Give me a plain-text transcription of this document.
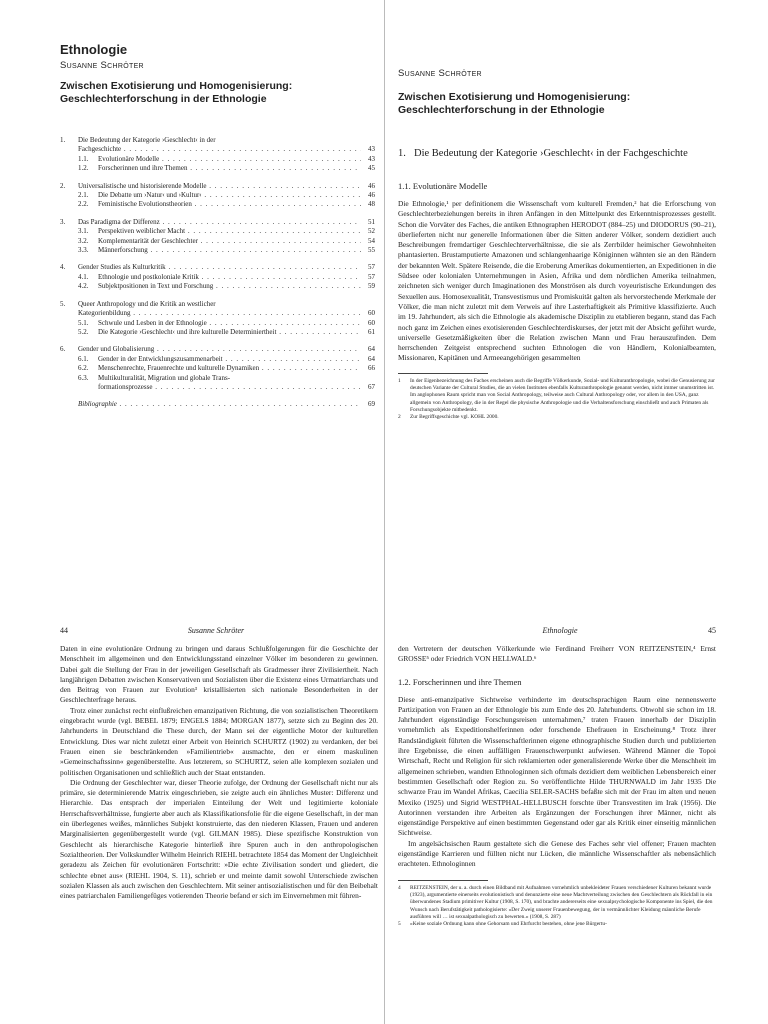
Ethnologie
Susanne Schröter
Zwischen Exotisierung und Homogenisierung: Geschlechterforschung in der Ethnologie
1.	Die Bedeutung der Kategorie ›Geschlecht‹ in der
Fachgeschichte . . .	43
1.1.	Evolutionäre Modelle . . .	43
1.2.	Forscherinnen und ihre Themen . . .	45
2.	Universalistische und historisierende Modelle . . .	46
2.1.	Die Debatte um ›Natur‹ und ›Kultur‹ . . .	46
2.2.	Feministische Evolutionstheorien . . .	48
3.	Das Paradigma der Differenz . . .	51
3.1.	Perspektiven weiblicher Macht . . .	52
3.2.	Komplementarität der Geschlechter . . .	54
3.3.	Männerforschung . . .	55
4.	Gender Studies als Kulturkritik . . .	57
4.1.	Ethnologie und postkoloniale Kritik . . .	57
4.2.	Subjektpositionen in Text und Forschung . . .	59
5.	Queer Anthropology und die Kritik an westlicher
Kategorienbildung . . .	60
5.1.	Schwule und Lesben in der Ethnologie . . .	60
5.2.	Die Kategorie ›Geschlecht‹ und ihre kulturelle Determiniertheit . . .	61
6.	Gender und Globalisierung . . .	64
6.1.	Gender in der Entwicklungszusammenarbeit . . .	64
6.2.	Menschenrechte, Frauenrechte und kulturelle Dynamiken . . .	66
6.3.	Multikulturalität, Migration und globale Trans-
formationsprozesse . . .	67
Bibliographie . . .	69
Susanne Schröter
Zwischen Exotisierung und Homogenisierung: Geschlechterforschung in der Ethnologie
1. Die Bedeutung der Kategorie ›Geschlecht‹ in der Fachgeschichte
1.1. Evolutionäre Modelle
Die Ethnologie,¹ per definitionem die Wissenschaft vom kulturell Fremden,² hat die Erforschung von Geschlechterbeziehungen bereits in ihren Anfängen in den Mittelpunkt des Erkenntnisprozesses gestellt. Schon die Vorväter des Faches, die antiken Ethnographen HERODOT (884–25) und DIODORUS (90–21), überlieferten nicht nur generelle Informationen über die Sitten anderer Völker, sondern dezidiert auch Beschreibungen fremdartiger Geschlechterverhältnisse, die sie als Zerrbilder heimischer Gewohnheiten phantasierten. Brustamputierte Amazonen und schlangenhaarige Königinnen wähnten sie an den Rändern der bekannten Welt. Spätere Reisende, die die Eroberung Amerikas dokumentierten, an Expeditionen in die Südsee oder kolonialen Unternehmungen in Asien, Afrika und dem nördlichen Amerika teilnahmen, zeichneten sich weniger durch Imaginationen des Monströsen als durch voyeuristische Erkundungen des Sexuellen aus. Homosexualität, Transvestismus und Promiskuität galten als hervorstechende Merkmale der Völker, die man nicht zuletzt mit dem Verweis auf ihre Lasterhaftigkeit als Primitive klassifizierte. Auch im 19. Jahrhundert, als sich die Ethnologie als akademische Disziplin zu etablieren begann, stand das Fach noch ganz im Zeichen eines exotisierenden Geschlechterdiskurses, der jetzt mit der Absicht geführt wurde, universelle Gesetzmäßigkeiten über die Relation zwischen Mann und Frau herauszufinden. Dem herrschenden Zeitgeist entsprechend suchten Ethnologen die von Händlern, Kolonialbeamten, Missionaren, Kapitänen und Armeeangehörigen gesammelten
1	In der Eigenbezeichnung des Faches erscheinen auch die Begriffe Völkerkunde, Sozial- und Kulturanthropologie, wobei die Genusierung zur deutschen Variante der Cultural Studies, die an vielen Instituten ebenfalls Kulturanthropologie genannt werden, nicht immer unumstritten ist. Im anglophonen Raum spricht man von Social Anthropology, teilweise auch Cultural Anthropology oder, vor allem in den USA, ganz allgemein von Anthropology, die in der Regel die physische Anthropologie und die Verhaltensforschung einschließt und auch Primaten als Forschungsobjekte mitbedenkt.
2	Zur Begriffsgeschichte vgl. KOHL 2000.
44	Susanne Schröter

Daten in eine evolutionäre Ordnung zu bringen und daraus Schlußfolgerungen für die Geschichte der Menschheit im allgemeinen und den Entwicklungsstand einzelner Völker im besonderen zu gewinnen. Dabei galt die Stellung der Frau in der jeweiligen Gesellschaft als Gradmesser ihrer Zivilisiertheit. Nach langjährigen Debatten zwischen Konservativen und Sozialisten über die Existenz eines Urmatriarchats und den Beitrag von Frauen zur Evolution³ kristallisierten sich nationale Besonderheiten in der Geschlechterfrage heraus.

Trotz einer zunächst recht einflußreichen emanzipativen Richtung, die von sozialistischen Theoretikern eingebracht wurde (vgl. BEBEL 1879; ENGELS 1884; MORGAN 1877), setzte sich zu Beginn des 20. Jahrhunderts in Deutschland die These durch, der Mann sei der eigentliche Motor der kulturellen Entwicklung. Dies war nicht zuletzt einer Arbeit von Heinrich SCHURTZ (1902) zu verdanken, der bei Frauen einen sie beschränkenden »Familientrieb« ausmachte, den er einem maskulinen »Gemeinschaftssinn« gegenüberstellte. Aus letzterem, so SCHURTZ, seien alle komplexen sozialen und politischen Organisationen und schließlich auch der Staat entstanden.

Die Ordnung der Geschlechter war, dieser Theorie zufolge, der Ordnung der Gesellschaft nicht nur als primäre, sie determinierende Matrix eingeschrieben, sie zeigte auch ein ähnliches Muster: Differenz und Hierarchie. Das entsprach der imperialen Einteilung der Welt und legitimierte koloniale Herrschaftsverhältnisse, fungierte aber auch als Klassifikationsfolie für die eigene Gesellschaft, in der man ein überlegenes weißes, männliches Subjekt konstruierte, das den niederen Klassen, Frauen und anderen Marginalisierten gegenübergestellt wurde (vgl. GILMAN 1985). Diese spezifische Konstruktion von Geschlecht als hierarchische Kategorie hinterließ ihre Spuren auch in den anthropologischen Sozialtheorien. Der Volkskundler Wilhelm Heinrich RIEHL betrachtete 1854 das Moment der Ungleichheit geradezu als Zeichen für evolutionären Fortschritt: »Die echte Zivilisation sondert und gliedert, die schlechte ebnet aus« (RIEHL 1904, S. 11), schrieb er und meinte damit sowohl Unterschiede zwischen sozialen Klassen als auch zwischen den Geschlechtern. Mit seiner antisozialistischen und für den Beibehalt eines patriarchalen Familiengefüges votierenden Theorie befand er sich im Einvernehmen mit führen-

Ethnologie	45

den Vertretern der deutschen Völkerkunde wie Ferdinand Freiherr VON REITZENSTEIN,⁴ Ernst GROSSE⁵ oder Friedrich VON HELLWALD.⁶

1.2. Forscherinnen und ihre Themen

Diese anti-emanzipative Sichtweise verhinderte im deutschsprachigen Raum eine nennenswerte Partizipation von Frauen an der Ethnologie bis zum Ende des 20. Jahrhunderts. Obwohl sie schon im 18. Jahrhundert eigenständige Forschungsreisen unternahmen,⁷ traten Frauen innerhalb der Disziplin vornehmlich als Expeditionshelferinnen oder forschende Ehefrauen in Erscheinung.⁸ Trotz ihrer Randständigkeit führten die Wissenschaftlerinnen eigene ethnographische Studien durch und publizierten ihre Ergebnisse, die einen auffälligen Frauenschwerpunkt aufwiesen. Während Männer die Topoi Wirtschaft, Recht und Religion für sich reklamierten oder generalisierende Werke über die Menschheit im allgemeinen schrieben, wandten Ethnologinnen sich oftmals dezidiert dem weiblichen Lebensbereich einer bestimmten Gesellschaft oder Region zu. So veröffentlichte Hilde THURNWALD im Jahr 1935 Die schwarze Frau im Wandel Afrikas, Caecilia SELER-SACHS befaßte sich mit der Frau im alten und neuen Mexiko (1925) und Sigrid WESTPHAL-HELLBUSCH forschte über Transvestiten im Irak (1956). Die Autorinnen verstanden ihre Arbeiten als Ergänzungen der Forschungen ihrer Männer, nicht als eigenständige Perspektive auf einen bestimmten Gegenstand oder gar als Kritik einer einseitig männlichen Sichtweise.

Im angelsächsischen Raum gestaltete sich die Genese des Faches sehr viel offener; Frauen machten eigenständige Karrieren und füllten nicht nur Lücken, die männliche Wissenschaftler als nebensächlich erachteten. Ethnologinnen

4	REITZENSTEIN, der u. a. durch einen Bildband mit Aufnahmen vornehmlich unbekleideter Frauen verschiedener Kulturen bekannt wurde (1923), argumentierte einerseits evolutionistisch und denunzierte eine neue Machtverteilung zwischen den Geschlechtern als Rückfall in ein überwundenes Stadium primitiver Kultur (1908, S. 170), und brachte andererseits eine sexualpsychologische Komponente ins Spiel, die den Wunsch nach Berufstätigkeit pathologisierte: »Der Zweig unserer Frauenbewegung, der in vermännlichter Kleidung männliche Berufe ausführen will … ist sexualpathologisch zu bewerten.« (1908, S. 287)
5	»Keine soziale Ordnung kann ohne Gehorsam und Ehrfurcht bestehen, ohne jene Bürgertu-
